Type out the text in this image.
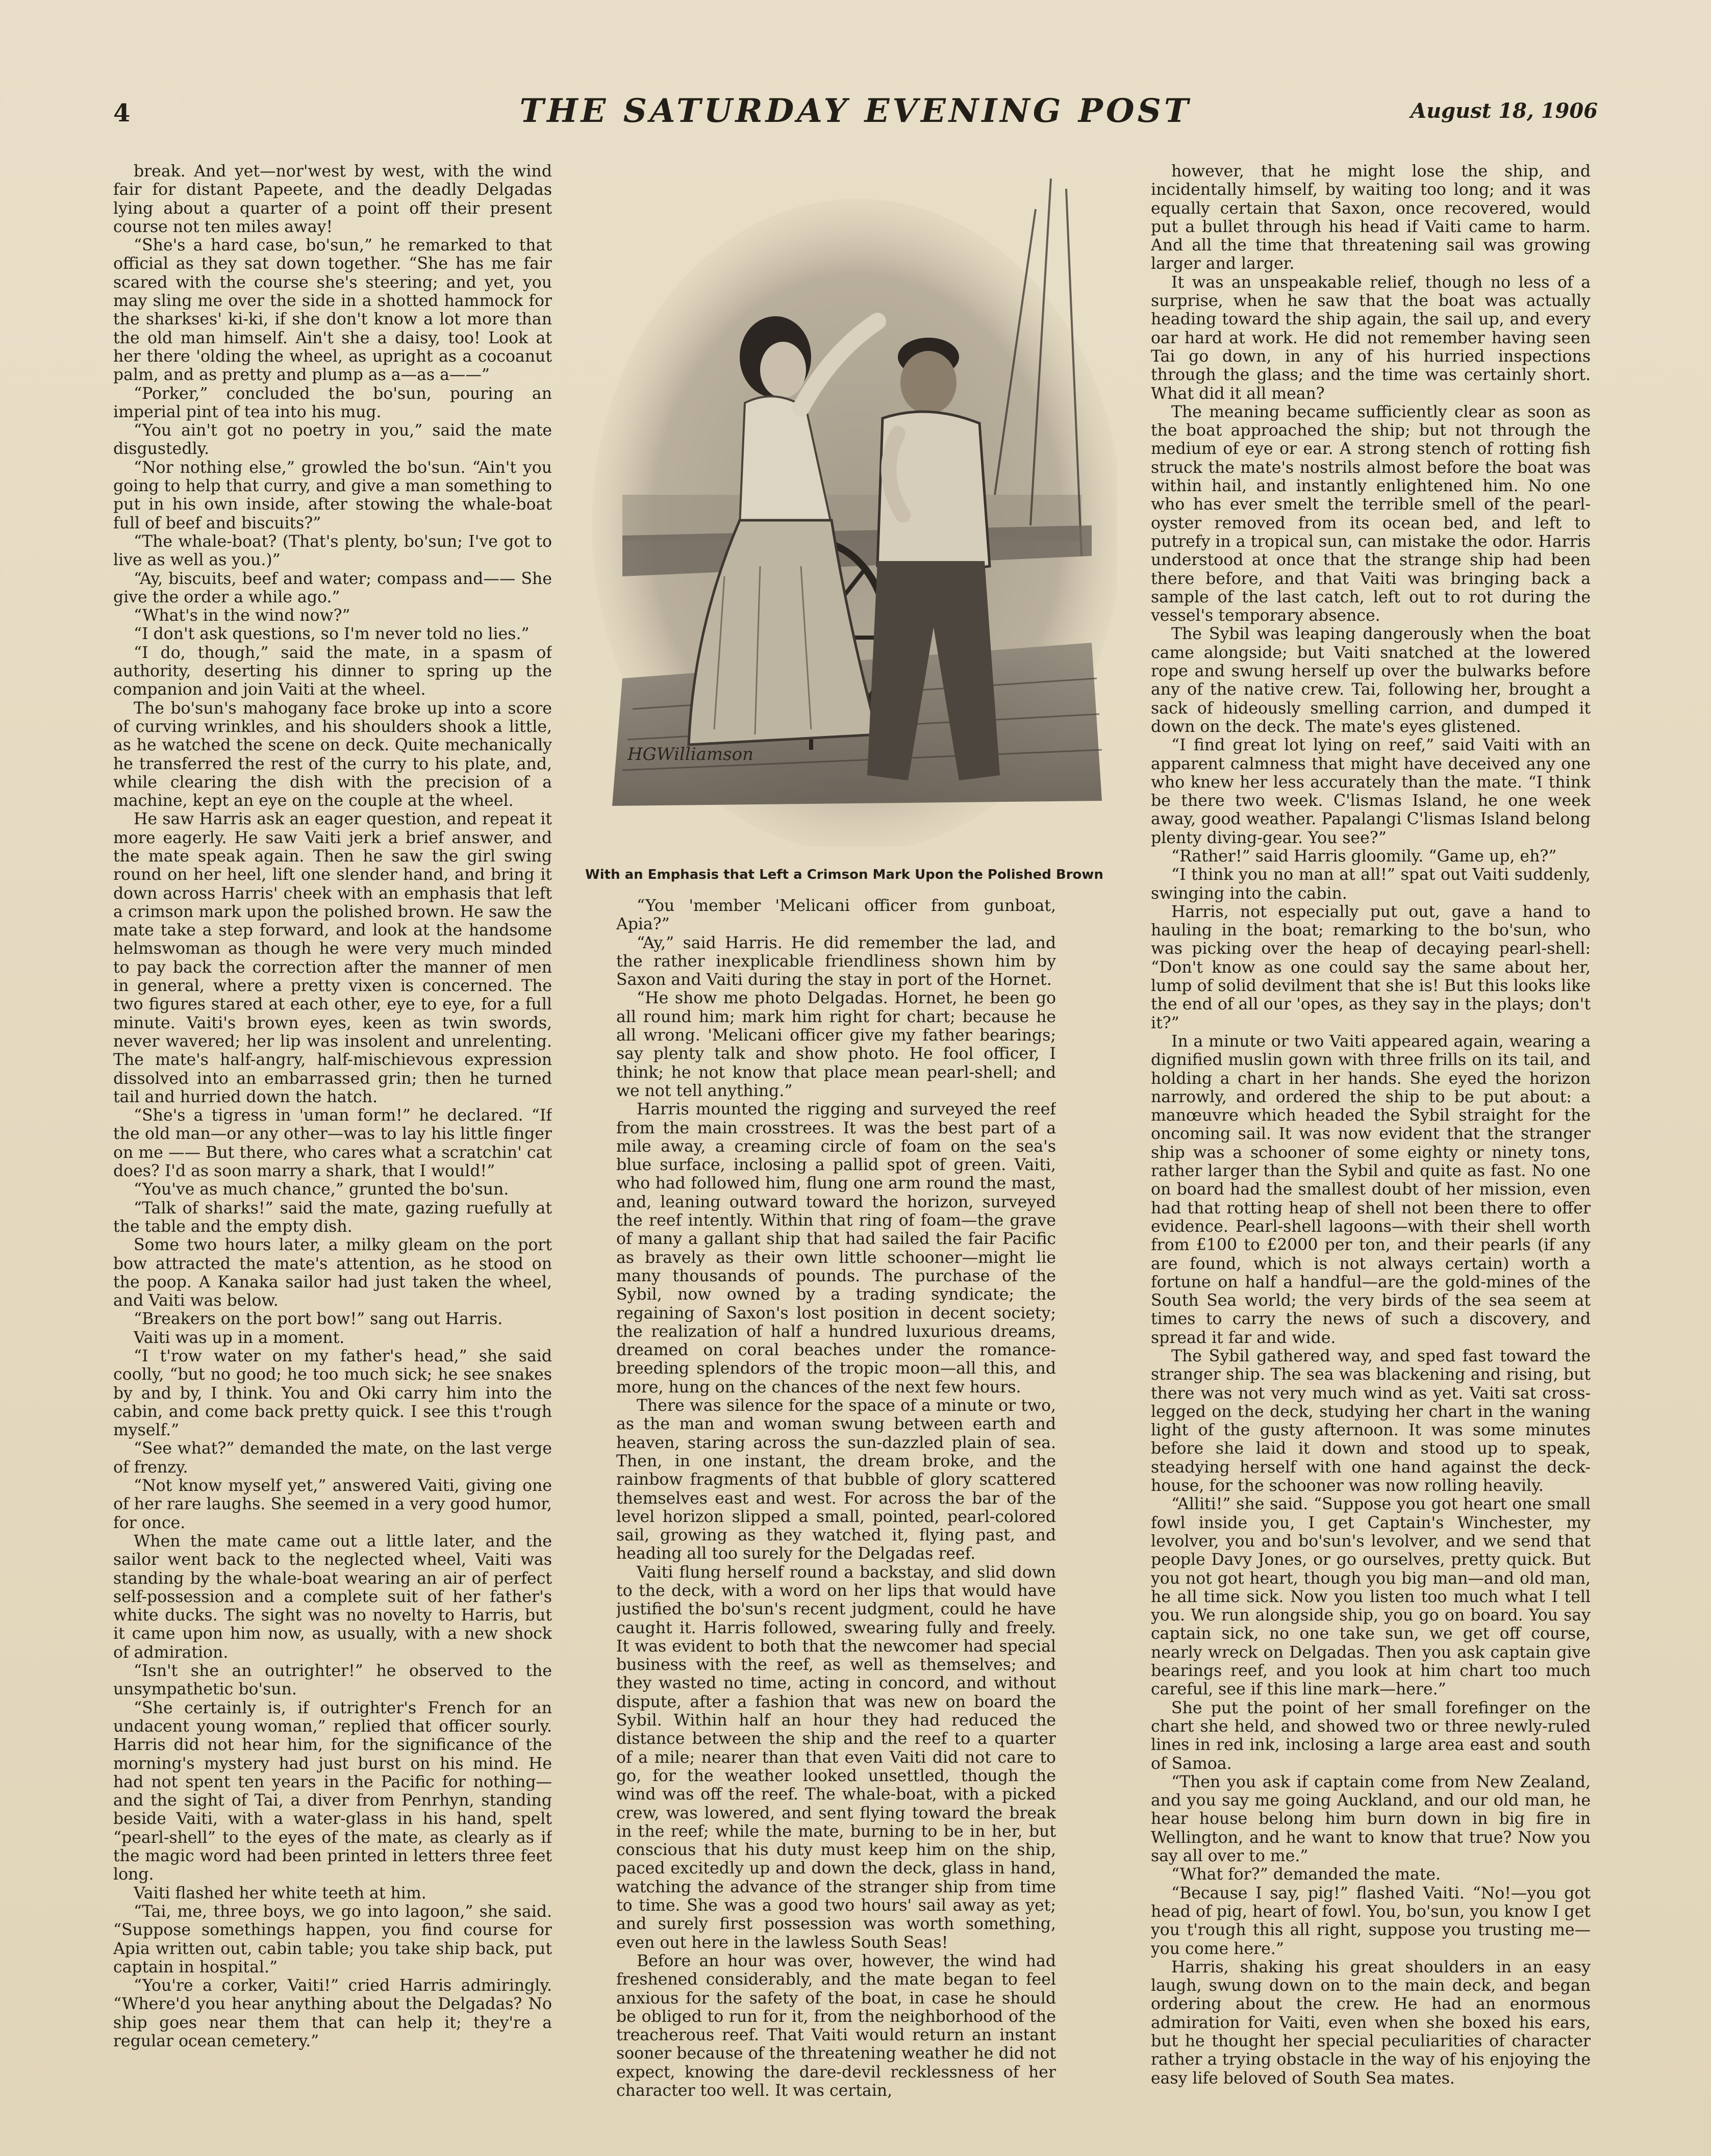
4	THE SATURDAY EVENING POST	August 18, 1906

break. And yet—nor'west by west, with the wind fair for distant Papeete, and the deadly Delgadas lying about a quarter of a point off their present course not ten miles away!

“She's a hard case, bo'sun,” he remarked to that official as they sat down together. “She has me fair scared with the course she's steering; and yet, you may sling me over the side in a shotted hammock for the sharkses' ki-ki, if she don't know a lot more than the old man himself. Ain't she a daisy, too! Look at her there 'olding the wheel, as upright as a cocoanut palm, and as pretty and plump as a—as a——”

“Porker,” concluded the bo'sun, pouring an imperial pint of tea into his mug.

“You ain't got no poetry in you,” said the mate disgustedly.

“Nor nothing else,” growled the bo'sun. “Ain't you going to help that curry, and give a man something to put in his own inside, after stowing the whale-boat full of beef and biscuits?”

“The whale-boat? (That's plenty, bo'sun; I've got to live as well as you.)”

“Ay, biscuits, beef and water; compass and—— She give the order a while ago.”

“What's in the wind now?”

“I don't ask questions, so I'm never told no lies.”

“I do, though,” said the mate, in a spasm of authority, deserting his dinner to spring up the companion and join Vaiti at the wheel.

The bo'sun's mahogany face broke up into a score of curving wrinkles, and his shoulders shook a little, as he watched the scene on deck. Quite mechanically he transferred the rest of the curry to his plate, and, while clearing the dish with the precision of a machine, kept an eye on the couple at the wheel.

He saw Harris ask an eager question, and repeat it more eagerly. He saw Vaiti jerk a brief answer, and the mate speak again. Then he saw the girl swing round on her heel, lift one slender hand, and bring it down across Harris' cheek with an emphasis that left a crimson mark upon the polished brown. He saw the mate take a step forward, and look at the handsome helmswoman as though he were very much minded to pay back the correction after the manner of men in general, where a pretty vixen is concerned. The two figures stared at each other, eye to eye, for a full minute. Vaiti's brown eyes, keen as twin swords, never wavered; her lip was insolent and unrelenting. The mate's half-angry, half-mischievous expression dissolved into an embarrassed grin; then he turned tail and hurried down the hatch.

“She's a tigress in 'uman form!” he declared. “If the old man—or any other—was to lay his little finger on me —— But there, who cares what a scratchin' cat does? I'd as soon marry a shark, that I would!”

“You've as much chance,” grunted the bo'sun.

“Talk of sharks!” said the mate, gazing ruefully at the table and the empty dish.

Some two hours later, a milky gleam on the port bow attracted the mate's attention, as he stood on the poop. A Kanaka sailor had just taken the wheel, and Vaiti was below.

“Breakers on the port bow!” sang out Harris.

Vaiti was up in a moment.

“I t'row water on my father's head,” she said coolly, “but no good; he too much sick; he see snakes by and by, I think. You and Oki carry him into the cabin, and come back pretty quick. I see this t'rough myself.”

“See what?” demanded the mate, on the last verge of frenzy.

“Not know myself yet,” answered Vaiti, giving one of her rare laughs. She seemed in a very good humor, for once.

When the mate came out a little later, and the sailor went back to the neglected wheel, Vaiti was standing by the whale-boat wearing an air of perfect self-possession and a complete suit of her father's white ducks. The sight was no novelty to Harris, but it came upon him now, as usually, with a new shock of admiration.

“Isn't she an outrighter!” he observed to the unsympathetic bo'sun.

“She certainly is, if outrighter's French for an undacent young woman,” replied that officer sourly. Harris did not hear him, for the significance of the morning's mystery had just burst on his mind. He had not spent ten years in the Pacific for nothing—and the sight of Tai, a diver from Penrhyn, standing beside Vaiti, with a water-glass in his hand, spelt “pearl-shell” to the eyes of the mate, as clearly as if the magic word had been printed in letters three feet long.

Vaiti flashed her white teeth at him.

“Tai, me, three boys, we go into lagoon,” she said. “Suppose somethings happen, you find course for Apia written out, cabin table; you take ship back, put captain in hospital.”

“You're a corker, Vaiti!” cried Harris admiringly. “Where'd you hear anything about the Delgadas? No ship goes near them that can help it; they're a regular ocean cemetery.”

HGWilliamson
With an Emphasis that Left a Crimson Mark Upon the Polished Brown

“You 'member 'Melicani officer from gunboat, Apia?”

“Ay,” said Harris. He did remember the lad, and the rather inexplicable friendliness shown him by Saxon and Vaiti during the stay in port of the Hornet.

“He show me photo Delgadas. Hornet, he been go all round him; mark him right for chart; because he all wrong. 'Melicani officer give my father bearings; say plenty talk and show photo. He fool officer, I think; he not know that place mean pearl-shell; and we not tell anything.”

Harris mounted the rigging and surveyed the reef from the main crosstrees. It was the best part of a mile away, a creaming circle of foam on the sea's blue surface, inclosing a pallid spot of green. Vaiti, who had followed him, flung one arm round the mast, and, leaning outward toward the horizon, surveyed the reef intently. Within that ring of foam—the grave of many a gallant ship that had sailed the fair Pacific as bravely as their own little schooner—might lie many thousands of pounds. The purchase of the Sybil, now owned by a trading syndicate; the regaining of Saxon's lost position in decent society; the realization of half a hundred luxurious dreams, dreamed on coral beaches under the romance-breeding splendors of the tropic moon—all this, and more, hung on the chances of the next few hours.

There was silence for the space of a minute or two, as the man and woman swung between earth and heaven, staring across the sun-dazzled plain of sea. Then, in one instant, the dream broke, and the rainbow fragments of that bubble of glory scattered themselves east and west. For across the bar of the level horizon slipped a small, pointed, pearl-colored sail, growing as they watched it, flying past, and heading all too surely for the Delgadas reef.

Vaiti flung herself round a backstay, and slid down to the deck, with a word on her lips that would have justified the bo'sun's recent judgment, could he have caught it. Harris followed, swearing fully and freely. It was evident to both that the newcomer had special business with the reef, as well as themselves; and they wasted no time, acting in concord, and without dispute, after a fashion that was new on board the Sybil. Within half an hour they had reduced the distance between the ship and the reef to a quarter of a mile; nearer than that even Vaiti did not care to go, for the weather looked unsettled, though the wind was off the reef. The whale-boat, with a picked crew, was lowered, and sent flying toward the break in the reef; while the mate, burning to be in her, but conscious that his duty must keep him on the ship, paced excitedly up and down the deck, glass in hand, watching the advance of the stranger ship from time to time. She was a good two hours' sail away as yet; and surely first possession was worth something, even out here in the lawless South Seas!

Before an hour was over, however, the wind had freshened considerably, and the mate began to feel anxious for the safety of the boat, in case he should be obliged to run for it, from the neighborhood of the treacherous reef. That Vaiti would return an instant sooner because of the threatening weather he did not expect, knowing the dare-devil recklessness of her character too well. It was certain,

however, that he might lose the ship, and incidentally himself, by waiting too long; and it was equally certain that Saxon, once recovered, would put a bullet through his head if Vaiti came to harm. And all the time that threatening sail was growing larger and larger.

It was an unspeakable relief, though no less of a surprise, when he saw that the boat was actually heading toward the ship again, the sail up, and every oar hard at work. He did not remember having seen Tai go down, in any of his hurried inspections through the glass; and the time was certainly short. What did it all mean?

The meaning became sufficiently clear as soon as the boat approached the ship; but not through the medium of eye or ear. A strong stench of rotting fish struck the mate's nostrils almost before the boat was within hail, and instantly enlightened him. No one who has ever smelt the terrible smell of the pearl-oyster removed from its ocean bed, and left to putrefy in a tropical sun, can mistake the odor. Harris understood at once that the strange ship had been there before, and that Vaiti was bringing back a sample of the last catch, left out to rot during the vessel's temporary absence.

The Sybil was leaping dangerously when the boat came alongside; but Vaiti snatched at the lowered rope and swung herself up over the bulwarks before any of the native crew. Tai, following her, brought a sack of hideously smelling carrion, and dumped it down on the deck. The mate's eyes glistened.

“I find great lot lying on reef,” said Vaiti with an apparent calmness that might have deceived any one who knew her less accurately than the mate. “I think be there two week. C'lismas Island, he one week away, good weather. Papalangi C'lismas Island belong plenty diving-gear. You see?”

“Rather!” said Harris gloomily. “Game up, eh?”

“I think you no man at all!” spat out Vaiti suddenly, swinging into the cabin.

Harris, not especially put out, gave a hand to hauling in the boat; remarking to the bo'sun, who was picking over the heap of decaying pearl-shell: “Don't know as one could say the same about her, lump of solid devilment that she is! But this looks like the end of all our 'opes, as they say in the plays; don't it?”

In a minute or two Vaiti appeared again, wearing a dignified muslin gown with three frills on its tail, and holding a chart in her hands. She eyed the horizon narrowly, and ordered the ship to be put about: a manœuvre which headed the Sybil straight for the oncoming sail. It was now evident that the stranger ship was a schooner of some eighty or ninety tons, rather larger than the Sybil and quite as fast. No one on board had the smallest doubt of her mission, even had that rotting heap of shell not been there to offer evidence. Pearl-shell lagoons—with their shell worth from £100 to £2000 per ton, and their pearls (if any are found, which is not always certain) worth a fortune on half a handful—are the gold-mines of the South Sea world; the very birds of the sea seem at times to carry the news of such a discovery, and spread it far and wide.

The Sybil gathered way, and sped fast toward the stranger ship. The sea was blackening and rising, but there was not very much wind as yet. Vaiti sat cross-legged on the deck, studying her chart in the waning light of the gusty afternoon. It was some minutes before she laid it down and stood up to speak, steadying herself with one hand against the deck-house, for the schooner was now rolling heavily.

“Alliti!” she said. “Suppose you got heart one small fowl inside you, I get Captain's Winchester, my levolver, you and bo'sun's levolver, and we send that people Davy Jones, or go ourselves, pretty quick. But you not got heart, though you big man—and old man, he all time sick. Now you listen too much what I tell you. We run alongside ship, you go on board. You say captain sick, no one take sun, we get off course, nearly wreck on Delgadas. Then you ask captain give bearings reef, and you look at him chart too much careful, see if this line mark—here.”

She put the point of her small forefinger on the chart she held, and showed two or three newly-ruled lines in red ink, inclosing a large area east and south of Samoa.

“Then you ask if captain come from New Zealand, and you say me going Auckland, and our old man, he hear house belong him burn down in big fire in Wellington, and he want to know that true? Now you say all over to me.”

“What for?” demanded the mate.

“Because I say, pig!” flashed Vaiti. “No!—you got head of pig, heart of fowl. You, bo'sun, you know I get you t'rough this all right, suppose you trusting me—you come here.”

Harris, shaking his great shoulders in an easy laugh, swung down on to the main deck, and began ordering about the crew. He had an enormous admiration for Vaiti, even when she boxed his ears, but he thought her special peculiarities of character rather a trying obstacle in the way of his enjoying the easy life beloved of South Sea mates.
